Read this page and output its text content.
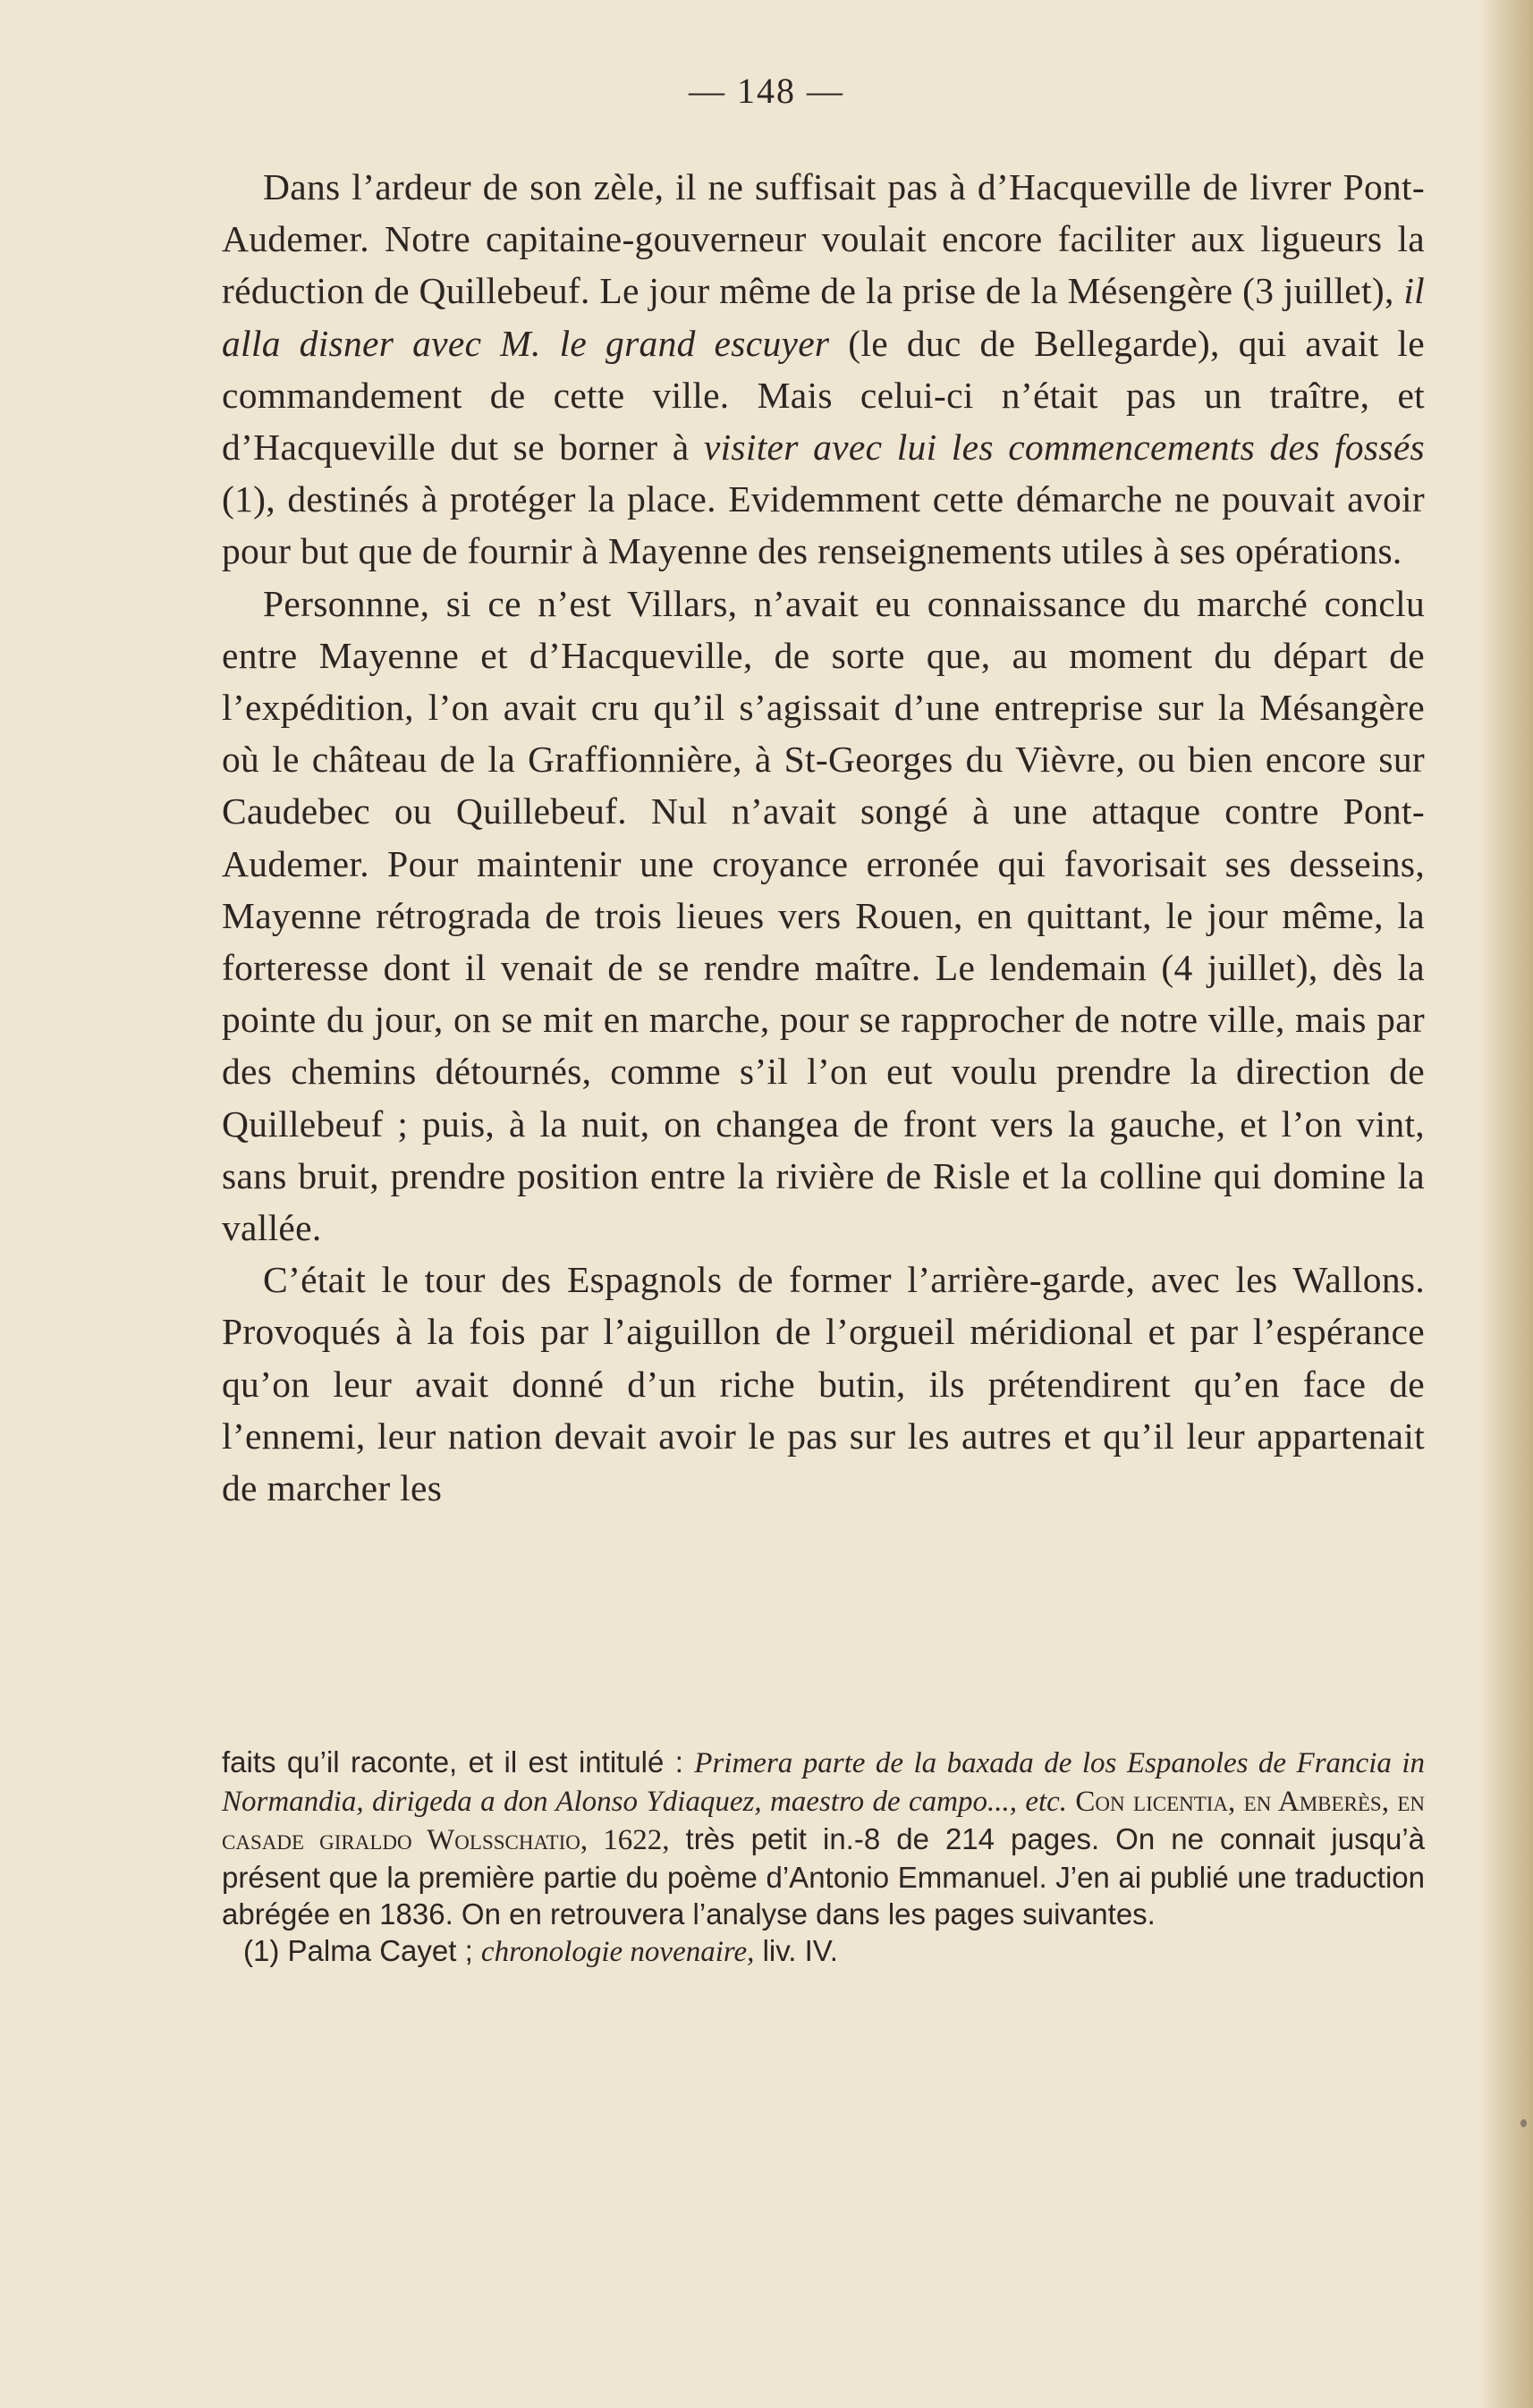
— 148 —

Dans l’ardeur de son zèle, il ne suffisait pas à d’Hacqueville de livrer Pont-Audemer. Notre capitaine-gouverneur voulait encore faciliter aux ligueurs la réduction de Quillebeuf. Le jour même de la prise de la Mésengère (3 juillet), il alla disner avec M. le grand escuyer (le duc de Bellegarde), qui avait le commandement de cette ville. Mais celui-ci n’était pas un traître, et d’Hacqueville dut se borner à visiter avec lui les commencements des fossés (1), destinés à protéger la place. Evidemment cette démarche ne pouvait avoir pour but que de fournir à Mayenne des renseignements utiles à ses opérations.

Personnne, si ce n’est Villars, n’avait eu connaissance du marché conclu entre Mayenne et d’Hacqueville, de sorte que, au moment du départ de l’expédition, l’on avait cru qu’il s’agissait d’une entreprise sur la Mésangère où le château de la Graffionnière, à St-Georges du Vièvre, ou bien encore sur Caudebec ou Quillebeuf. Nul n’avait songé à une attaque contre Pont-Audemer. Pour maintenir une croyance erronée qui favorisait ses desseins, Mayenne rétrograda de trois lieues vers Rouen, en quittant, le jour même, la forteresse dont il venait de se rendre maître. Le lendemain (4 juillet), dès la pointe du jour, on se mit en marche, pour se rapprocher de notre ville, mais par des chemins détournés, comme s’il l’on eut voulu prendre la direction de Quillebeuf ; puis, à la nuit, on changea de front vers la gauche, et l’on vint, sans bruit, prendre position entre la rivière de Risle et la colline qui domine la vallée.

C’était le tour des Espagnols de former l’arrière-garde, avec les Wallons. Provoqués à la fois par l’aiguillon de l’orgueil méridional et par l’espérance qu’on leur avait donné d’un riche butin, ils prétendirent qu’en face de l’ennemi, leur nation devait avoir le pas sur les autres et qu’il leur appartenait de marcher les

faits qu’il raconte, et il est intitulé : Primera parte de la baxada de los Espanoles de Francia in Normandia, dirigeda a don Alonso Ydiaquez, maestro de campo..., etc. Con licentia, en Amberès, en casade giraldo Wolsschatio, 1622, très petit in.-8 de 214 pages. On ne connait jusqu’à présent que la première partie du poème d’Antonio Emmanuel. J’en ai publié une traduction abrégée en 1836. On en retrouvera l’analyse dans les pages suivantes.

(1) Palma Cayet ; chronologie novenaire, liv. IV.
